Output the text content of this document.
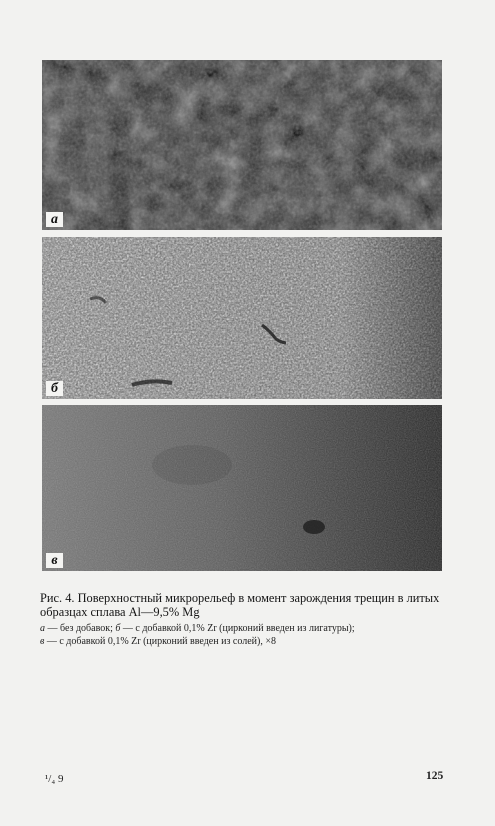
а
б
в

Рис. 4. Поверхностный микрорельеф в момент зарождения трещин в литых

образцах сплава Al—9,5% Mg

а — без добавок; б — с добавкой 0,1% Zr (цирконий введен из лигатуры);

в — с добавкой 0,1% Zr (цирконий введен из солей), ×8

¹/₄ 9	125
